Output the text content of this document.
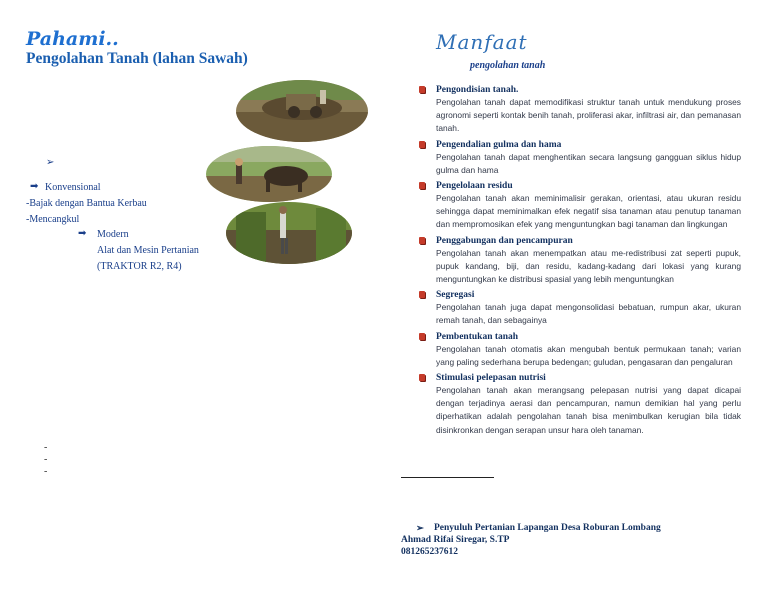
Pahami..
Pengolahan Tanah (lahan Sawah)
➢
➡ Konvensional
-Bajak dengan Bantua Kerbau
-Mencangkul
➡ Modern
Alat dan Mesin Pertanian
(TRAKTOR R2, R4)
-
-
-
Manfaat
pengolahan tanah
Pengondisian tanah.
Pengolahan tanah dapat memodifikasi struktur tanah untuk mendukung proses agronomi seperti kontak benih tanah, proliferasi akar, infiltrasi air, dan pemanasan tanah.
Pengendalian gulma dan hama
Pengolahan tanah dapat menghentikan secara langsung gangguan siklus hidup gulma dan hama
Pengelolaan residu
Pengolahan tanah akan meminimalisir gerakan, orientasi, atau ukuran residu sehingga dapat meminimalkan efek negatif sisa tanaman atau penutup tanaman dan mempromosikan efek yang menguntungkan bagi tanaman dan lingkungan
Penggabungan dan pencampuran
Pengolahan tanah akan menempatkan atau me-redistribusi zat seperti pupuk, pupuk kandang, biji, dan residu, kadang-kadang dari lokasi yang kurang menguntungkan ke distribusi spasial yang lebih menguntungkan
Segregasi
Pengolahan tanah juga dapat mengonsolidasi bebatuan, rumpun akar, ukuran remah tanah, dan sebagainya
Pembentukan tanah
Pengolahan tanah otomatis akan mengubah bentuk permukaan tanah; varian yang paling sederhana berupa bedengan; guludan, pengasaran dan pengaluran
Stimulasi pelepasan nutrisi
Pengolahan tanah akan merangsang pelepasan nutrisi yang dapat dicapai dengan terjadinya aerasi dan pencampuran, namun demikian hal yang perlu diperhatikan adalah pengolahan tanah bisa menimbulkan kerugian bila tidak disinkronkan dengan serapan unsur hara oleh tanaman.
➢ Penyuluh Pertanian Lapangan Desa Roburan Lombang
Ahmad Rifai Siregar, S.TP
081265237612
